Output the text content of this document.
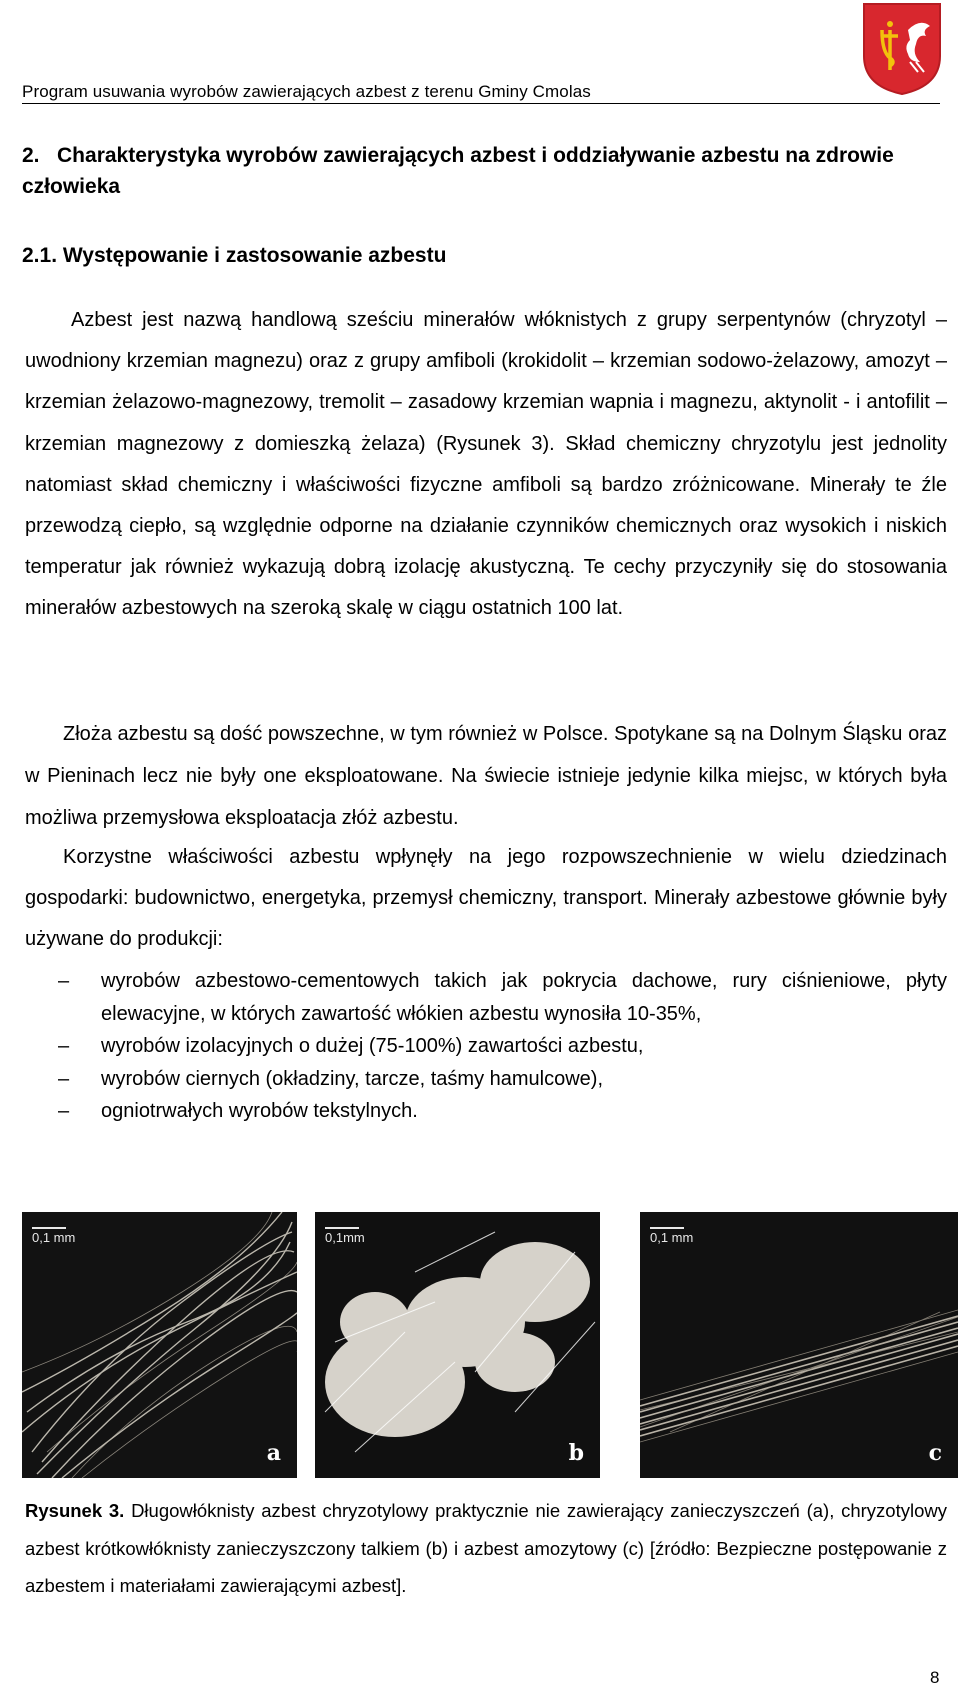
Program usuwania wyrobów zawierających azbest z terenu Gminy Cmolas
2.   Charakterystyka wyrobów zawierających azbest i oddziaływanie azbestu na zdrowie człowieka
2.1. Występowanie i zastosowanie azbestu
Azbest jest nazwą handlową sześciu minerałów włóknistych z grupy serpentynów (chryzotyl – uwodniony krzemian magnezu) oraz z grupy amfiboli (krokidolit – krzemian sodowo-żelazowy, amozyt – krzemian żelazowo-magnezowy, tremolit – zasadowy krzemian wapnia i magnezu, aktynolit - i antofilit – krzemian magnezowy z domieszką żelaza) (Rysunek 3). Skład chemiczny chryzotylu jest jednolity natomiast skład chemiczny i właściwości fizyczne amfiboli są bardzo zróżnicowane. Minerały te źle przewodzą ciepło, są względnie odporne na działanie czynników chemicznych oraz wysokich i niskich temperatur jak również wykazują dobrą izolację akustyczną. Te cechy przyczyniły się do stosowania minerałów azbestowych na szeroką skalę w ciągu ostatnich 100 lat.
Złoża azbestu są dość powszechne, w tym również w Polsce. Spotykane są na Dolnym Śląsku oraz w Pieninach lecz nie były one eksploatowane. Na świecie istnieje jedynie kilka miejsc, w których była możliwa przemysłowa eksploatacja złóż azbestu.
Korzystne właściwości azbestu wpłynęły na jego rozpowszechnienie w wielu dziedzinach gospodarki: budownictwo, energetyka, przemysł chemiczny, transport. Minerały azbestowe głównie były używane do produkcji:
– wyrobów azbestowo-cementowych takich jak pokrycia dachowe, rury ciśnieniowe, płyty elewacyjne, w których zawartość włókien azbestu wynosiła 10-35%,
– wyrobów izolacyjnych o dużej (75-100%) zawartości azbestu,
– wyrobów ciernych (okładziny, tarcze, taśmy hamulcowe),
– ogniotrwałych wyrobów tekstylnych.
0,1 mm
a
0,1mm
b
0,1 mm
c
Rysunek 3. Długowłóknisty azbest chryzotylowy praktycznie nie zawierający zanieczyszczeń (a), chryzotylowy azbest krótkowłóknisty zanieczyszczony talkiem (b) i azbest amozytowy (c) [źródło: Bezpieczne postępowanie z azbestem i materiałami zawierającymi azbest].
8
